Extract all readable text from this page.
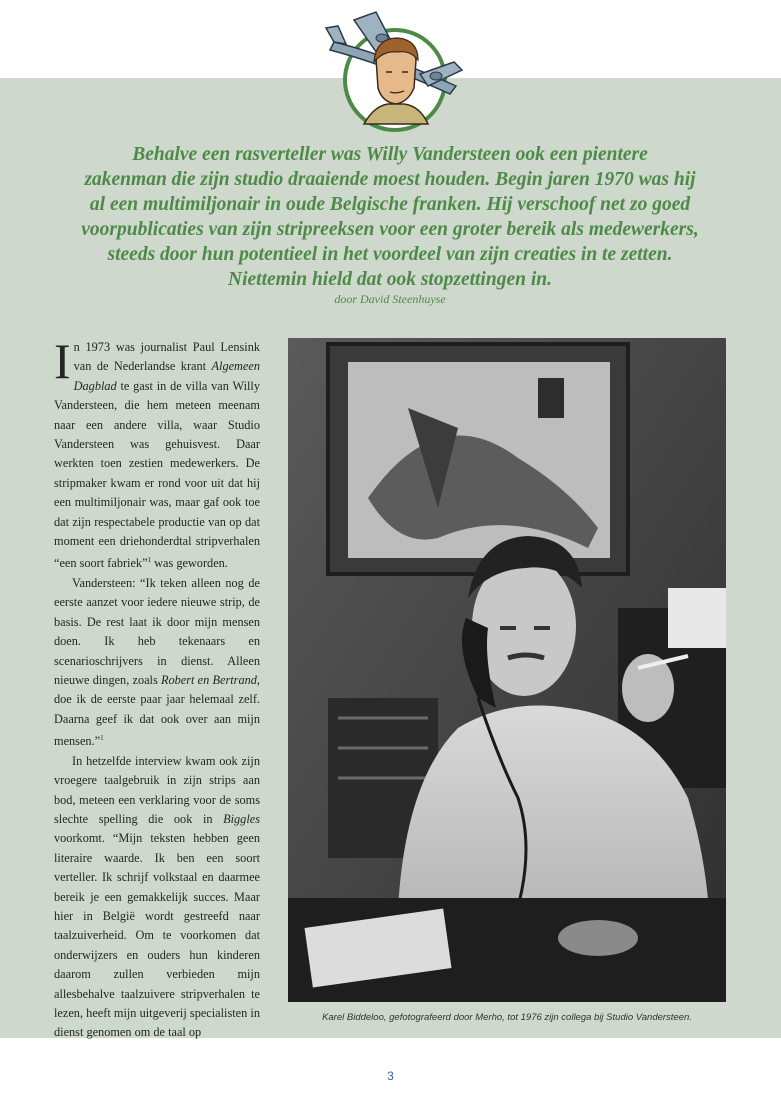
Behalve een rasverteller was Willy Vandersteen ook een pientere
zakenman die zijn studio draaiende moest houden. Begin jaren 1970 was hij
al een multimiljonair in oude Belgische franken. Hij verschoof net zo goed
voorpublicaties van zijn stripreeksen voor een groter bereik als medewerkers,
steeds door hun potentieel in het voordeel van zijn creaties in te zetten.
Niettemin hield dat ook stopzettingen in.
door David Steenhuyse

In 1973 was journalist Paul Lensink van de Nederlandse krant Algemeen Dagblad te gast in de villa van Willy Vandersteen, die hem meteen meenam naar een andere villa, waar Studio Vandersteen was gehuisvest. Daar werkten toen zestien medewerkers. De stripmaker kwam er rond voor uit dat hij een multimiljonair was, maar gaf ook toe dat zijn respectabele productie van op dat moment een driehonderdtal stripverhalen “een soort fabriek”$^1$ was geworden.

Vandersteen: “Ik teken alleen nog de eerste aanzet voor iedere nieuwe strip, de basis. De rest laat ik door mijn mensen doen. Ik heb tekenaars en scenarioschrijvers in dienst. Alleen nieuwe dingen, zoals Robert en Bertrand, doe ik de eerste paar jaar helemaal zelf. Daarna geef ik dat ook over aan mijn mensen.”$^1$

In hetzelfde interview kwam ook zijn vroegere taalgebruik in zijn strips aan bod, meteen een verklaring voor de soms slechte spelling die ook in Biggles voorkomt. “Mijn teksten hebben geen literaire waarde. Ik ben een soort verteller. Ik schrijf volkstaal en daarmee bereik je een gemakkelijk succes. Maar hier in België wordt gestreefd naar taalzuiverheid. Om te voorkomen dat onderwijzers en ouders hun kinderen daarom zullen verbieden mijn allesbehalve taalzuivere stripverhalen te lezen, heeft mijn uitgeverij specialisten in dienst genomen om de taal op

Karel Biddeloo, gefotografeerd door Merho, tot 1976 zijn collega bij Studio Vandersteen.
3
